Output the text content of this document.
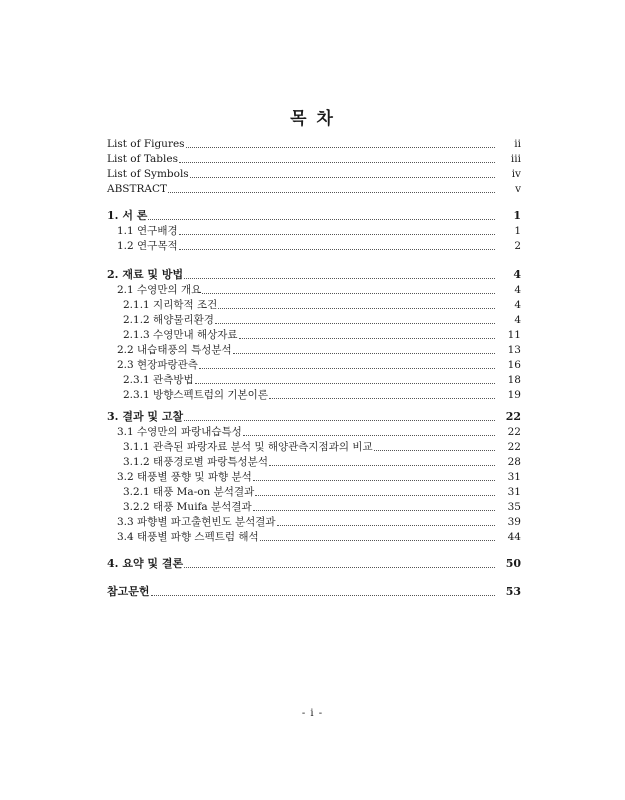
목 차
List of Figures	ii
List of Tables	iii
List of Symbols	iv
ABSTRACT	v
1. 서 론	1
1.1 연구배경	1
1.2 연구목적	2
2. 재료 및 방법	4
2.1 수영만의 개요	4
2.1.1 지리학적 조건	4
2.1.2 해양물리환경	4
2.1.3 수영만내 해상자료	11
2.2 내습태풍의 특성분석	13
2.3 현장파랑관측	16
2.3.1 관측방법	18
2.3.1 방향스펙트럼의 기본이론	19
3. 결과 및 고찰	22
3.1 수영만의 파랑내습특성	22
3.1.1 관측된 파랑자료 분석 및 해양관측지점과의 비교	22
3.1.2 태풍경로별 파랑특성분석	28
3.2 태풍별 풍향 및 파향 분석	31
3.2.1 태풍 Ma-on 분석결과	31
3.2.2 태풍 Muifa 분석결과	35
3.3 파향별 파고출현빈도 분석결과	39
3.4 태풍별 파향 스펙트럼 해석	44
4. 요약 및 결론	50
참고문헌	53
- i -
